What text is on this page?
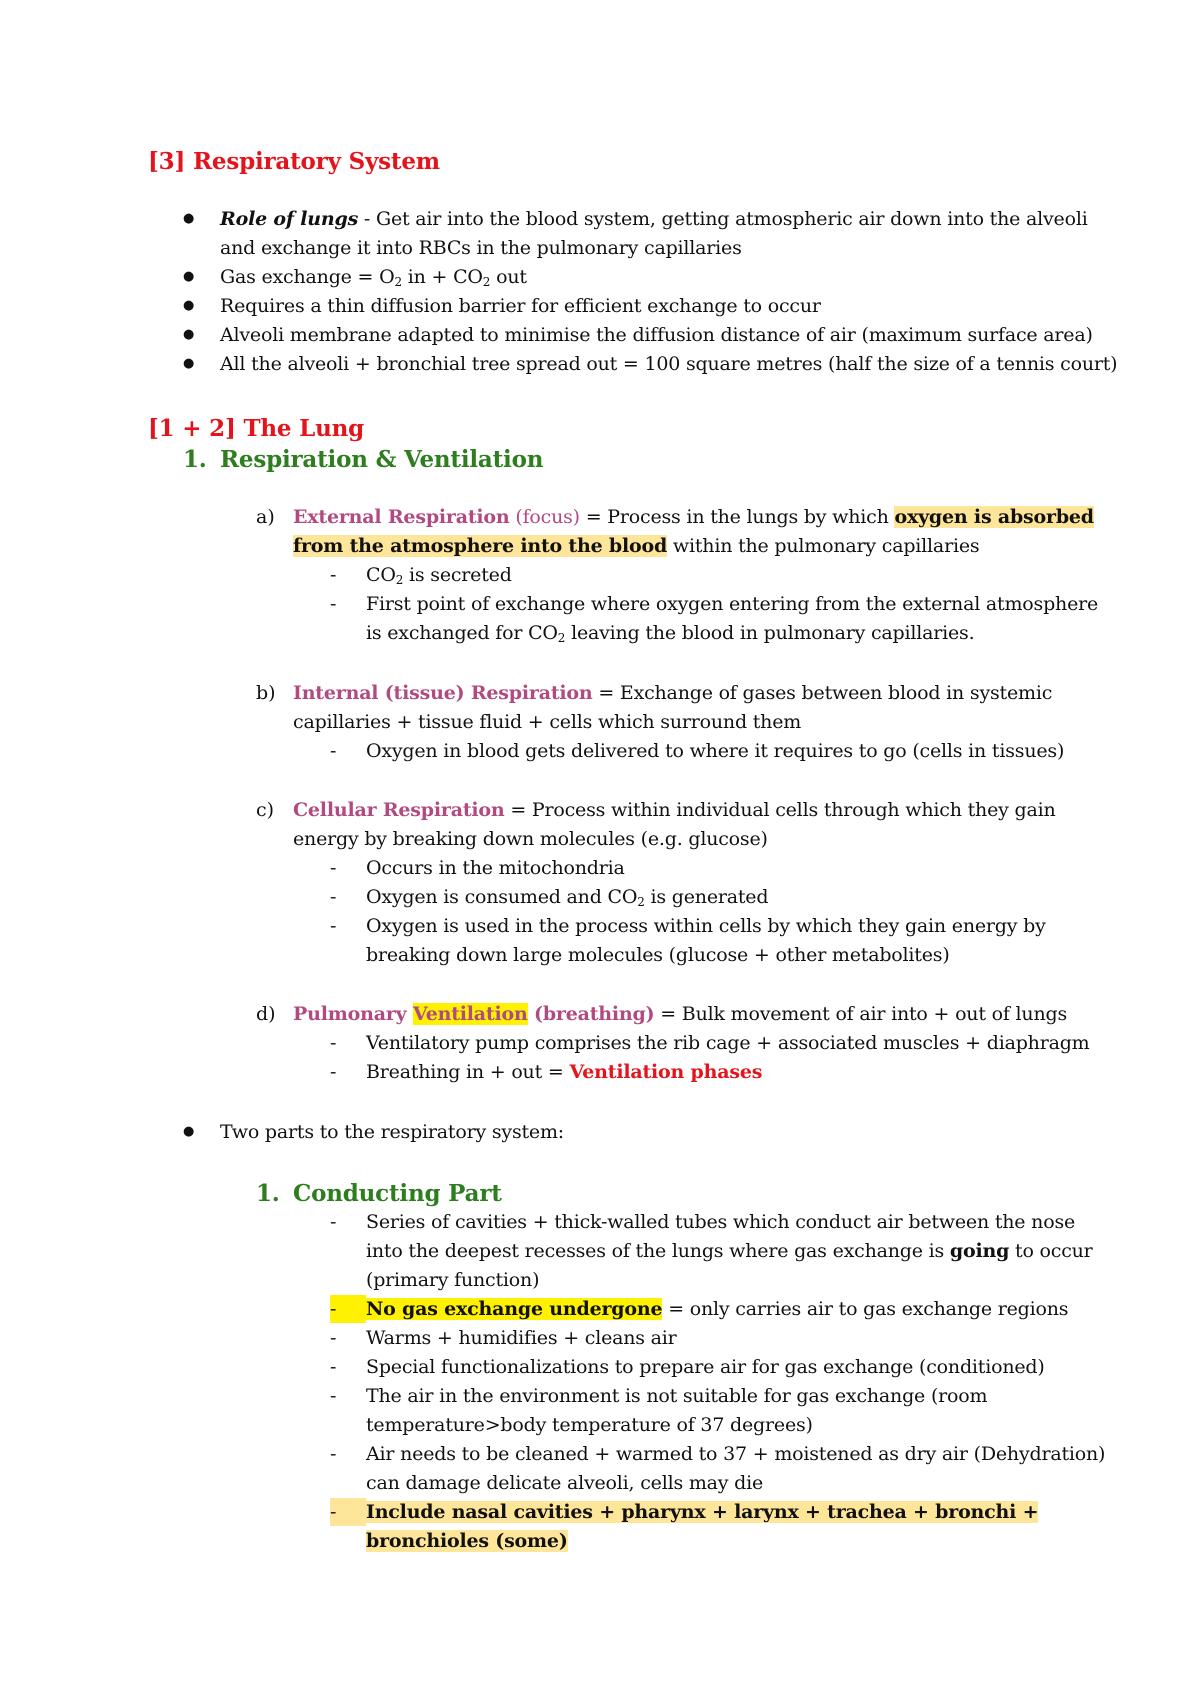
[3] Respiratory System
● Role of lungs - Get air into the blood system, getting atmospheric air down into the alveoli
and exchange it into RBCs in the pulmonary capillaries
● Gas exchange = $O_2$ in + $CO_2$ out
● Requires a thin diffusion barrier for efficient exchange to occur
● Alveoli membrane adapted to minimise the diffusion distance of air (maximum surface area)
● All the alveoli + bronchial tree spread out = 100 square metres (half the size of a tennis court)
[1 + 2] The Lung
1. Respiration & Ventilation
a) External Respiration (focus) = Process in the lungs by which oxygen is absorbed
from the atmosphere into the blood within the pulmonary capillaries
- $CO_2$ is secreted
- First point of exchange where oxygen entering from the external atmosphere
is exchanged for $CO_2$ leaving the blood in pulmonary capillaries.
b) Internal (tissue) Respiration = Exchange of gases between blood in systemic
capillaries + tissue fluid + cells which surround them
- Oxygen in blood gets delivered to where it requires to go (cells in tissues)
c) Cellular Respiration = Process within individual cells through which they gain
energy by breaking down molecules (e.g. glucose)
- Occurs in the mitochondria
- Oxygen is consumed and $CO_2$ is generated
- Oxygen is used in the process within cells by which they gain energy by
breaking down large molecules (glucose + other metabolites)
d) Pulmonary Ventilation (breathing) = Bulk movement of air into + out of lungs
- Ventilatory pump comprises the rib cage + associated muscles + diaphragm
- Breathing in + out = Ventilation phases
● Two parts to the respiratory system:
1. Conducting Part
- Series of cavities + thick-walled tubes which conduct air between the nose
into the deepest recesses of the lungs where gas exchange is going to occur
(primary function)
-	No gas exchange undergone = only carries air to gas exchange regions
- Warms + humidifies + cleans air
- Special functionalizations to prepare air for gas exchange (conditioned)
- The air in the environment is not suitable for gas exchange (room
temperature>body temperature of 37 degrees)
- Air needs to be cleaned + warmed to 37 + moistened as dry air (Dehydration)
can damage delicate alveoli, cells may die
-	Include nasal cavities + pharynx + larynx + trachea + bronchi +
bronchioles (some)
